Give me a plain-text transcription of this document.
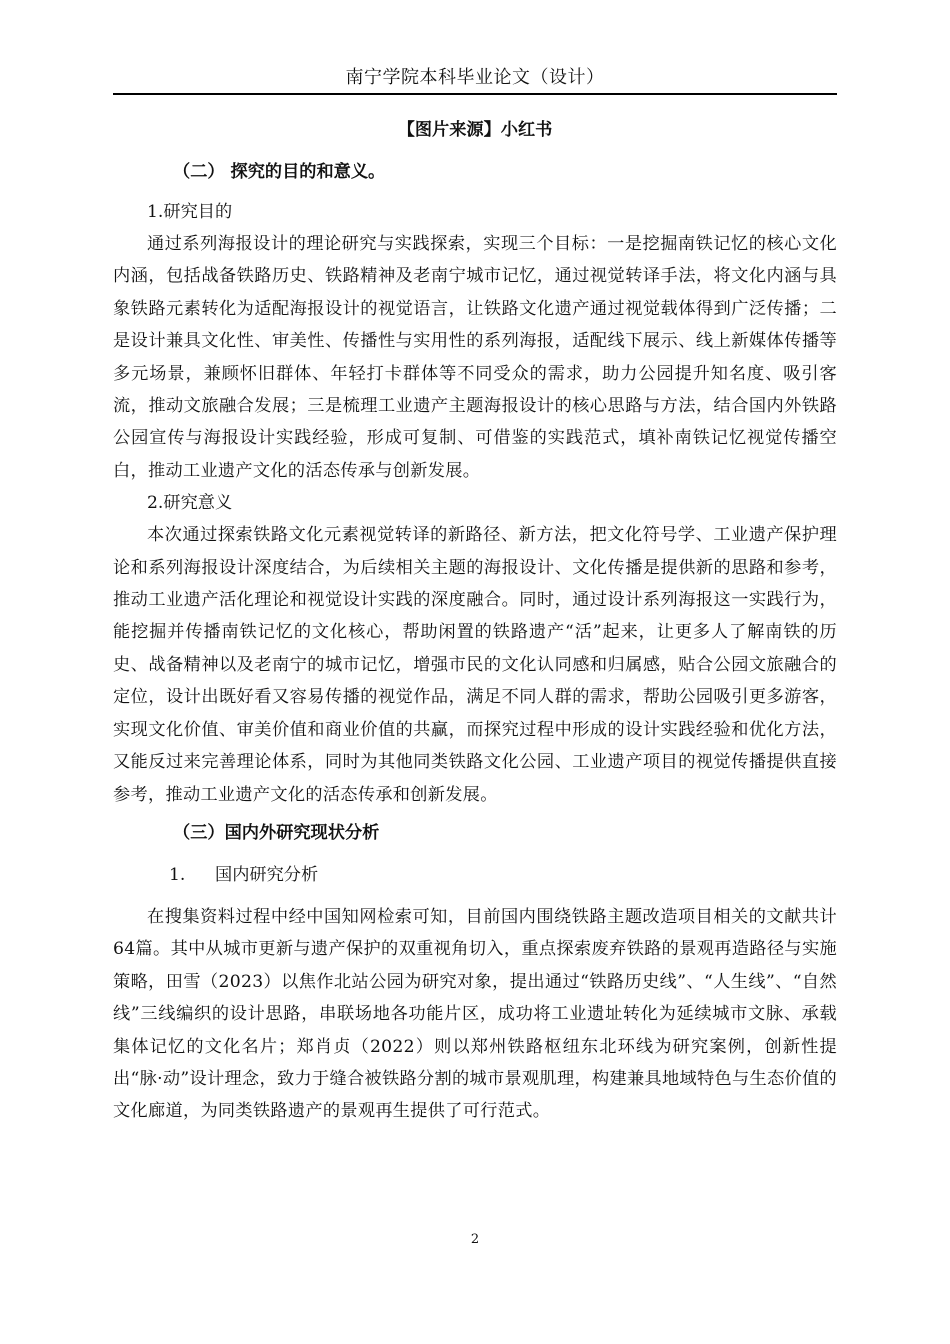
南宁学院本科毕业论文（设计）

【图片来源】小红书

（二） 探究的目的和意义。

1.研究目的

通过系列海报设计的理论研究与实践探索，实现三个目标：一是挖掘南铁记忆的核心文化内涵，包括战备铁路历史、铁路精神及老南宁城市记忆，通过视觉转译手法，将文化内涵与具象铁路元素转化为适配海报设计的视觉语言，让铁路文化遗产通过视觉载体得到广泛传播；二是设计兼具文化性、审美性、传播性与实用性的系列海报，适配线下展示、线上新媒体传播等多元场景，兼顾怀旧群体、年轻打卡群体等不同受众的需求，助力公园提升知名度、吸引客流，推动文旅融合发展；三是梳理工业遗产主题海报设计的核心思路与方法，结合国内外铁路公园宣传与海报设计实践经验，形成可复制、可借鉴的实践范式，填补南铁记忆视觉传播空白，推动工业遗产文化的活态传承与创新发展。

2.研究意义

本次通过探索铁路文化元素视觉转译的新路径、新方法，把文化符号学、工业遗产保护理论和系列海报设计深度结合，为后续相关主题的海报设计、文化传播是提供新的思路和参考，推动工业遗产活化理论和视觉设计实践的深度融合。同时，通过设计系列海报这一实践行为，能挖掘并传播南铁记忆的文化核心，帮助闲置的铁路遗产“活”起来，让更多人了解南铁的历史、战备精神以及老南宁的城市记忆，增强市民的文化认同感和归属感，贴合公园文旅融合的定位，设计出既好看又容易传播的视觉作品，满足不同人群的需求，帮助公园吸引更多游客，实现文化价值、审美价值和商业价值的共赢，而探究过程中形成的设计实践经验和优化方法，又能反过来完善理论体系，同时为其他同类铁路文化公园、工业遗产项目的视觉传播提供直接参考，推动工业遗产文化的活态传承和创新发展。

（三）国内外研究现状分析

1. 国内研究分析

在搜集资料过程中经中国知网检索可知，目前国内围绕铁路主题改造项目相关的文献共计64篇。其中从城市更新与遗产保护的双重视角切入，重点探索废弃铁路的景观再造路径与实施策略，田雪（2023）以焦作北站公园为研究对象，提出通过“铁路历史线”、“人生线”、“自然线”三线编织的设计思路，串联场地各功能片区，成功将工业遗址转化为延续城市文脉、承载集体记忆的文化名片；郑肖贞（2022）则以郑州铁路枢纽东北环线为研究案例，创新性提出“脉·动”设计理念，致力于缝合被铁路分割的城市景观肌理，构建兼具地域特色与生态价值的文化廊道，为同类铁路遗产的景观再生提供了可行范式。

2
